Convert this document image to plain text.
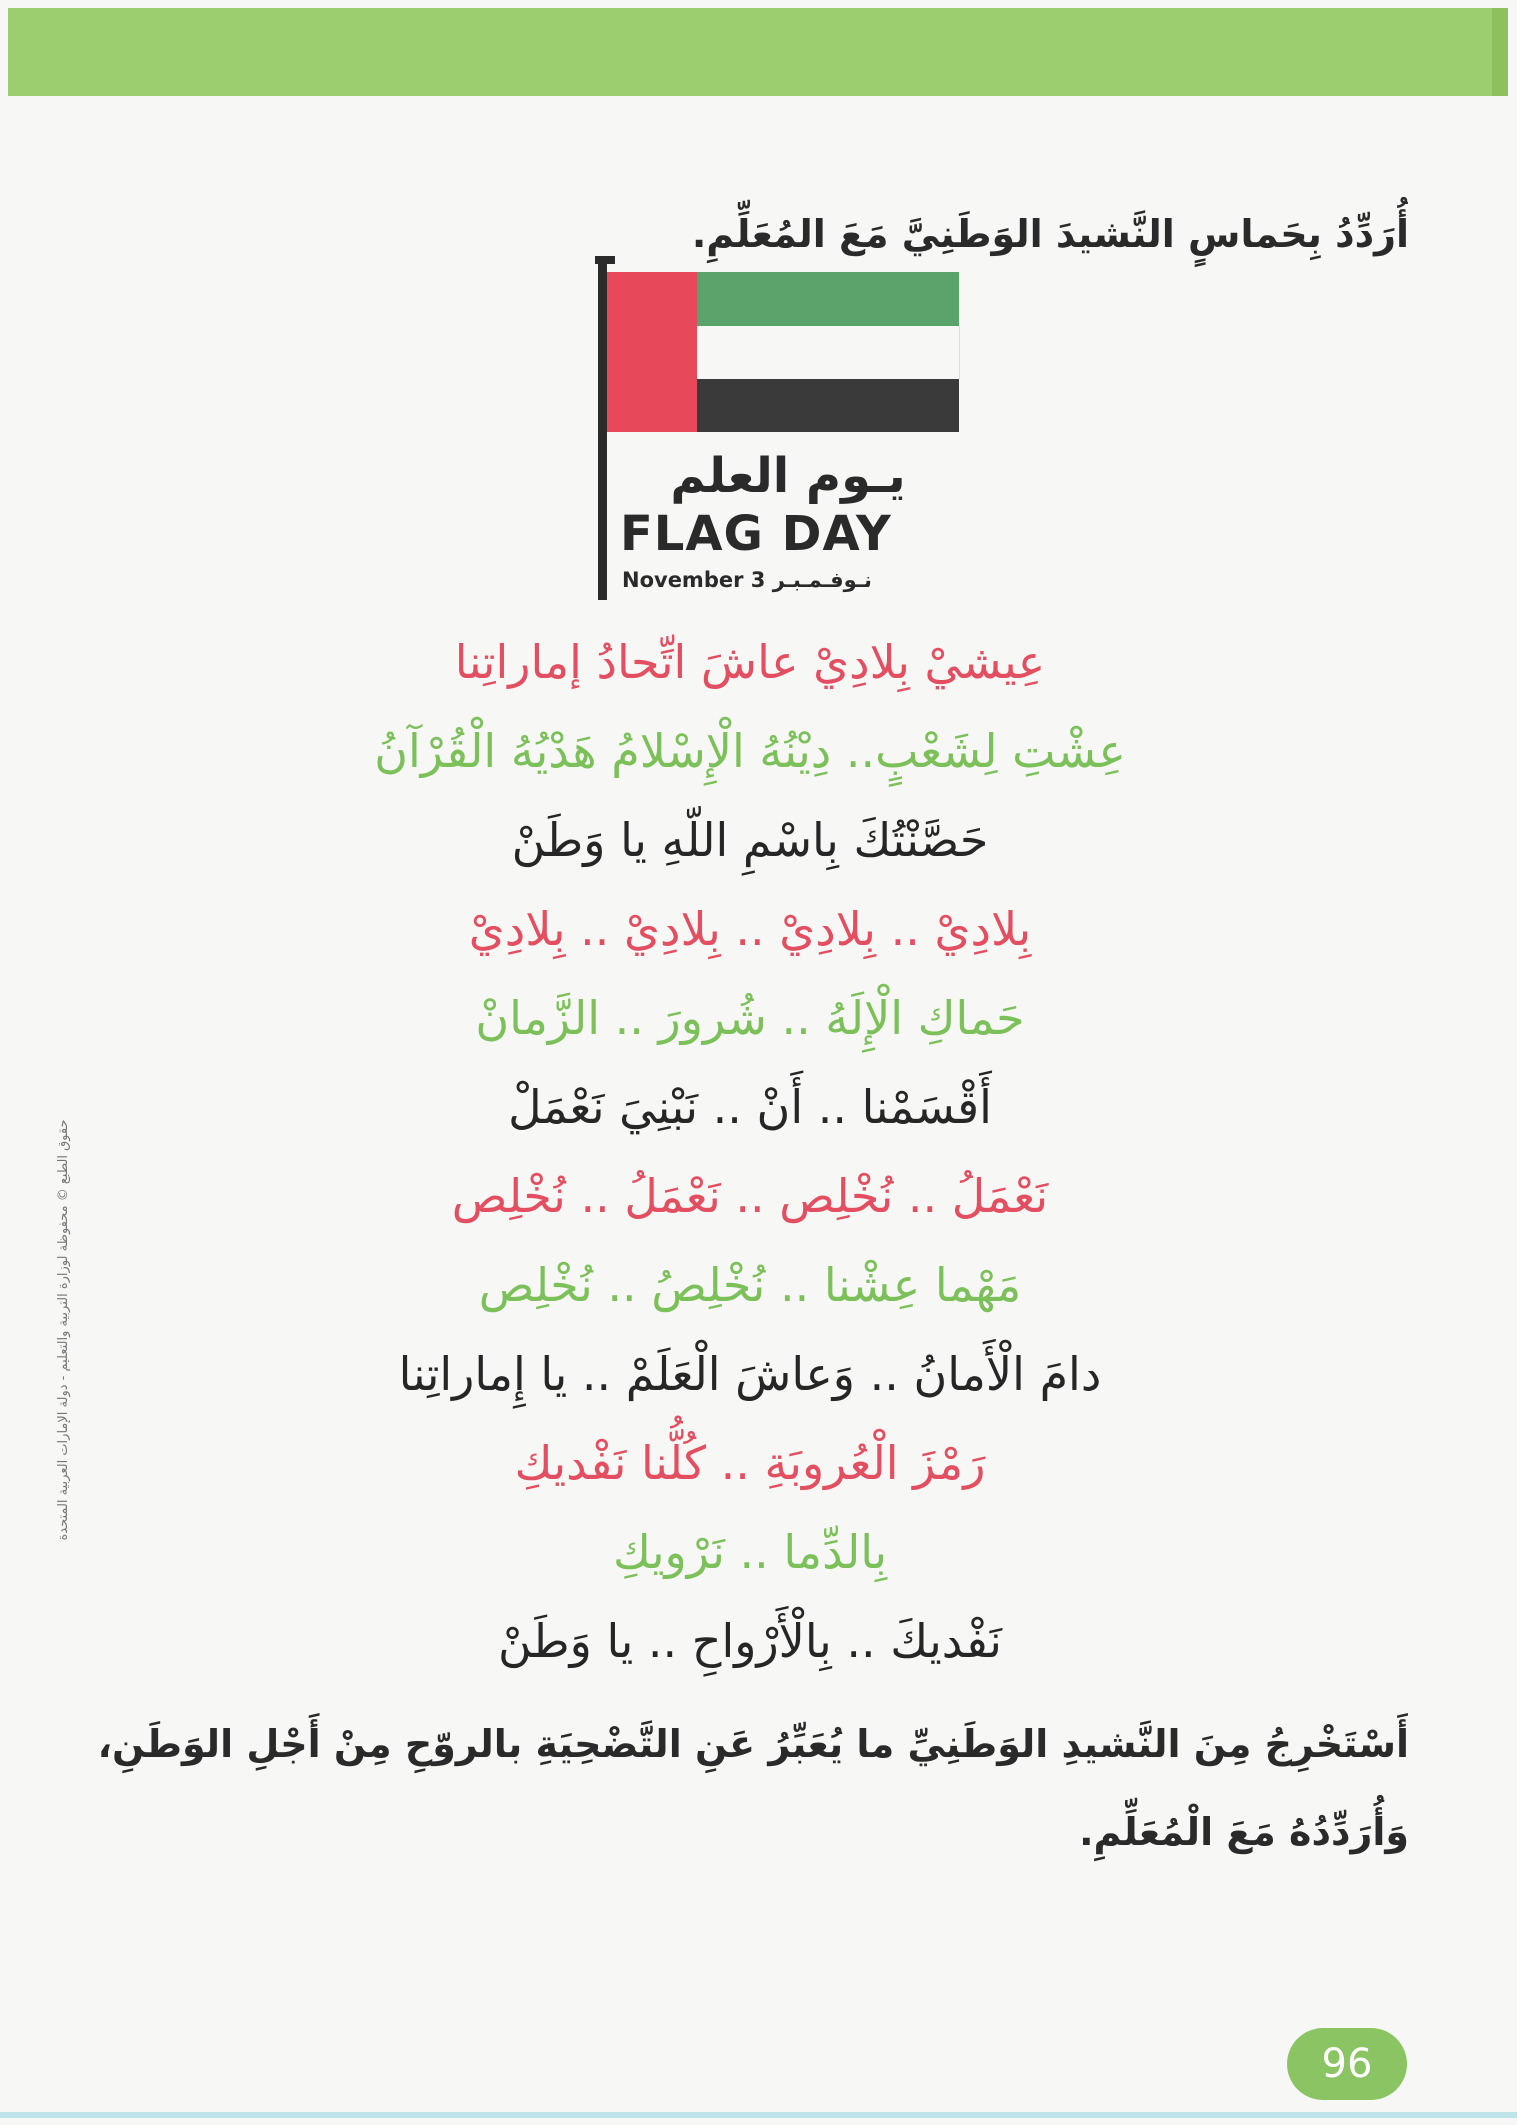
أُرَدِّدُ بِحَماسٍ النَّشيدَ الوَطَنِيَّ مَعَ المُعَلِّمِ.
يـوم العلم
FLAG DAY
November 3 نـوفـمـبـر
عِيشيْ بِلادِيْ عاشَ اتِّحادُ إماراتِنا
عِشْتِ لِشَعْبٍ.. دِيْنُهُ الْإِسْلامُ هَدْيُهُ الْقُرْآنُ
حَصَّنْتُكَ بِاسْمِ اللّهِ يا وَطَنْ
بِلادِيْ .. بِلادِيْ .. بِلادِيْ .. بِلادِيْ
حَماكِ الْإِلَهُ .. شُرورَ .. الزَّمانْ
أَقْسَمْنا .. أَنْ .. نَبْنِيَ نَعْمَلْ
نَعْمَلُ .. نُخْلِص .. نَعْمَلُ .. نُخْلِص
مَهْما عِشْنا .. نُخْلِصُ .. نُخْلِص
دامَ الْأَمانُ .. وَعاشَ الْعَلَمْ .. يا إِماراتِنا
رَمْزَ الْعُروبَةِ .. كُلُّنا نَفْديكِ
بِالدِّما .. نَرْويكِ
نَفْديكَ .. بِالْأَرْواحِ .. يا وَطَنْ
أَسْتَخْرِجُ مِنَ النَّشيدِ الوَطَنِيِّ ما يُعَبِّرُ عَنِ التَّضْحِيَةِ بالروّحِ مِنْ أَجْلِ الوَطَنِ، وَأُرَدِّدُهُ مَعَ الْمُعَلِّمِ.
حقوق الطبع © محفوظة لوزارة التربية والتعليم - دولة الإمارات العربية المتحدة
96
